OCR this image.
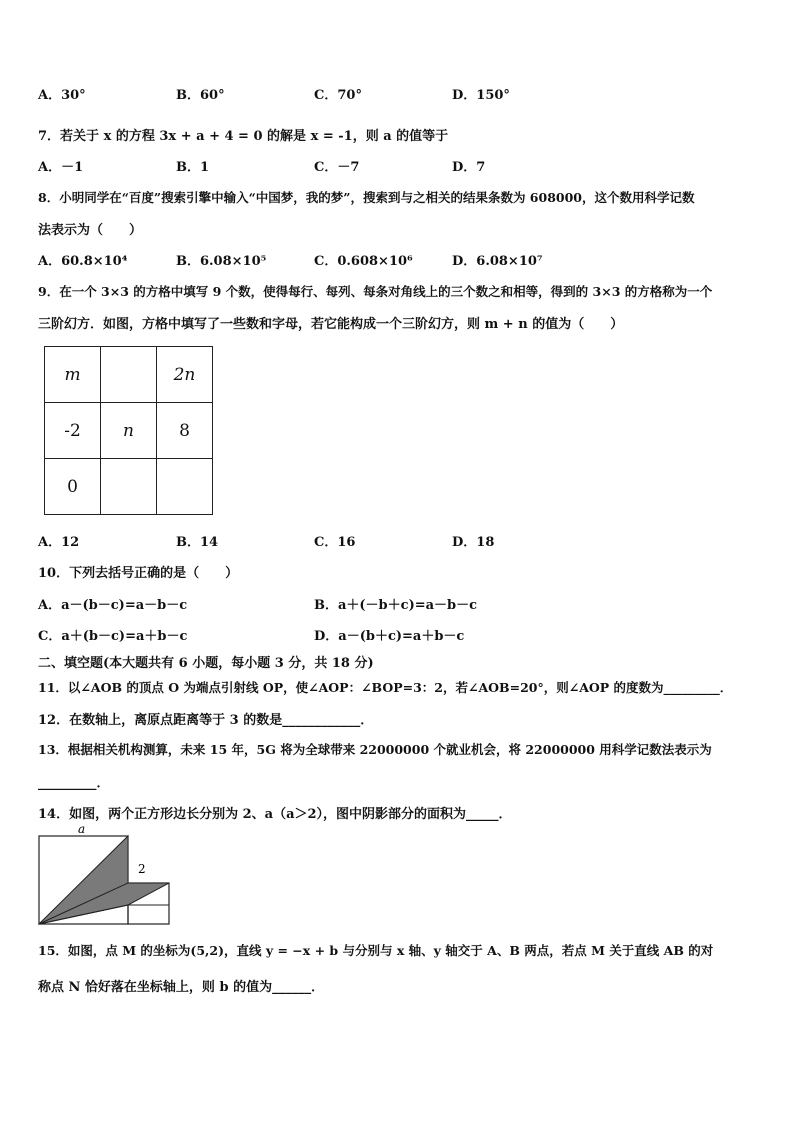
A．30°	B．60°	C．70°	D．150°
7．若关于 x 的方程 3x + a + 4 = 0 的解是 x = -1，则 a 的值等于
A．－1	B．1	C．－7	D．7
8．小明同学在“百度”搜索引擎中输入“中国梦，我的梦”，搜索到与之相关的结果条数为 608000，这个数用科学记数
法表示为（　　）
A．60.8×10⁴	B．6.08×10⁵	C．0.608×10⁶	D．6.08×10⁷
9．在一个 3×3 的方格中填写 9 个数，使得每行、每列、每条对角线上的三个数之和相等，得到的 3×3 的方格称为一个
三阶幻方．如图，方格中填写了一些数和字母，若它能构成一个三阶幻方，则 m + n 的值为（　　）
m		2n
-2	n	8
0		
A．12	B．14	C．16	D．18
10．下列去括号正确的是（　　）
A．a－(b－c)=a－b－c	B．a＋(－b＋c)=a－b－c
C．a＋(b－c)=a＋b－c	D．a－(b＋c)=a＋b－c
二、填空题(本大题共有 6 小题，每小题 3 分，共 18 分)
11．以∠AOB 的顶点 O 为端点引射线 OP，使∠AOP：∠BOP=3：2，若∠AOB=20°，则∠AOP 的度数为_________．
12．在数轴上，离原点距离等于 3 的数是____________．
13．根据相关机构测算，未来 15 年，5G 将为全球带来 22000000 个就业机会，将 22000000 用科学记数法表示为
_________．
14．如图，两个正方形边长分别为 2、a（a＞2），图中阴影部分的面积为_____．
a
2
15．如图，点 M 的坐标为(5,2)，直线 y = −x + b 与分别与 x 轴、y 轴交于 A、B 两点，若点 M 关于直线 AB 的对
称点 N 恰好落在坐标轴上，则 b 的值为______．
